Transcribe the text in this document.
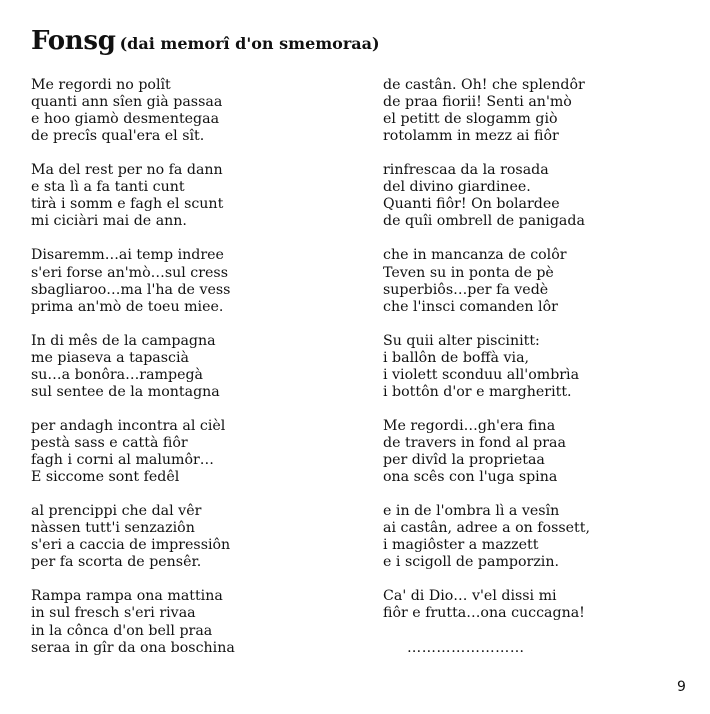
Fonsg (dai memorî d'on smemoraa)
Me regordi no polît
quanti ann sîen già passaa
e hoo giamò desmentegaa
de precîs qual'era el sît.
Ma del rest per no fa dann
e sta lì a fa tanti cunt
tirà i somm e fagh el scunt
mi ciciàri mai de ann.
Disaremm…ai temp indree
s'eri forse an'mò…sul cress
sbagliaroo…ma l'ha de vess
prima an'mò de toeu miee.
In di mês de la campagna
me piaseva a tapascià
su…a bonôra…rampegà
sul sentee de la montagna
per andagh incontra al cièl
pestà sass e cattà fiôr
fagh i corni al malumôr…
E siccome sont fedêl
al prencippi che dal vêr
nàssen tutt'i senzaziôn
s'eri a caccia de impressiôn
per fa scorta de pensêr.
Rampa rampa ona mattina
in sul fresch s'eri rivaa
in la cônca d'on bell praa
seraa in gîr da ona boschina
de castân. Oh! che splendôr
de praa fiorii! Senti an'mò
el petitt de slogamm giò
rotolamm in mezz ai fiôr
rinfrescaa da la rosada
del divino giardinee.
Quanti fiôr! On bolardee
de quîi ombrell de panigada
che in mancanza de colôr
Teven su in ponta de pè
superbiôs…per fa vedè
che l'insci comanden lôr
Su quii alter piscinitt:
i ballôn de boffà via,
i violett sconduu all'ombrìa
i bottôn d'or e margheritt.
Me regordi…gh'era fina
de travers in fond al praa
per divîd la proprietaa
ona scês con l'uga spina
e in de l'ombra lì a vesîn
ai castân, adree a on fossett,
i magiôster a mazzett
e i scigoll de pamporzin.
Ca' di Dio… v'el dissi mi
fiôr e frutta…ona cuccagna!
……………………
9
